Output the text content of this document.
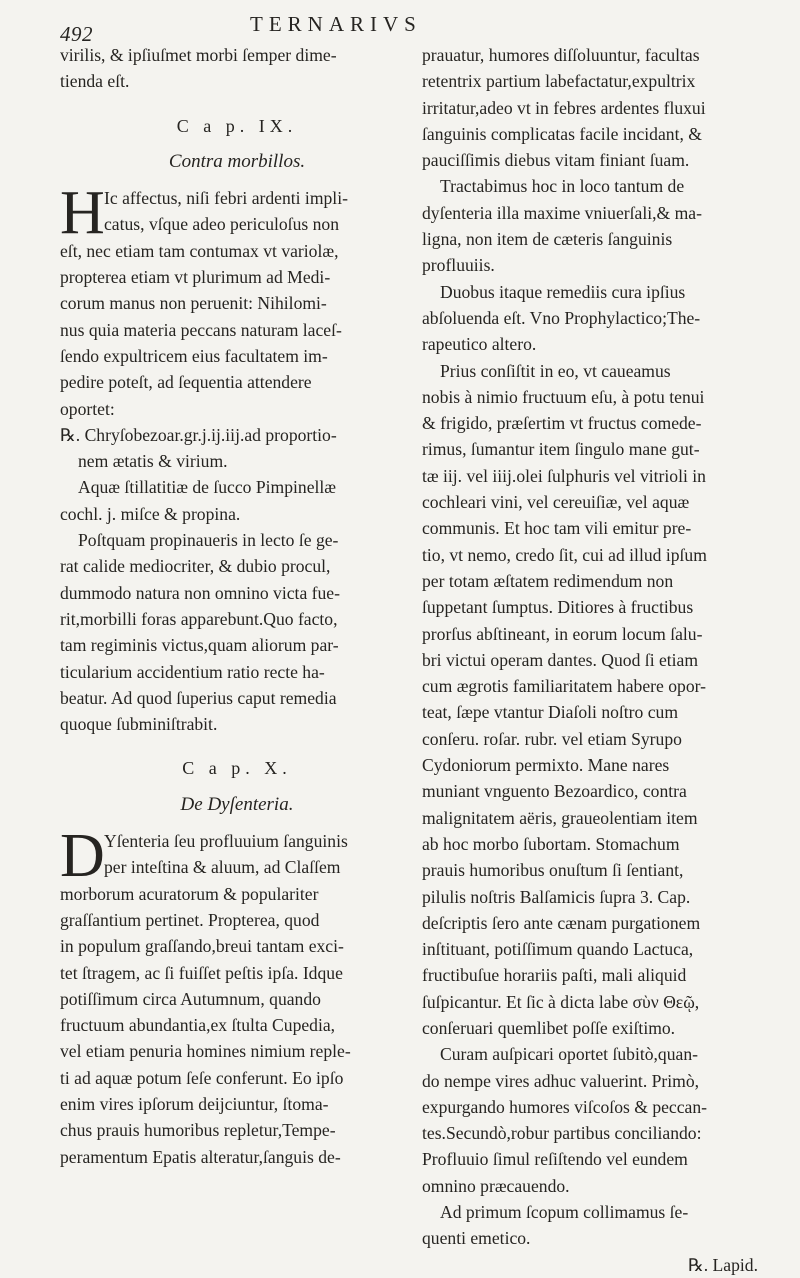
492	TERNARIVS
virilis, & ipſiuſmet morbi ſemper dime-
tienda eſt.
C a p. IX.
Contra morbillos.
H Ic affectus, niſi febri ardenti impli-
catus, vſque adeo periculoſus non
eſt, nec etiam tam contumax vt variolæ,
propterea etiam vt plurimum ad Medi-
corum manus non peruenit: Nihilomi-
nus quia materia peccans naturam laceſ-
ſendo expultricem eius facultatem im-
pedire poteſt, ad ſequentia attendere
oportet:
℞. Chryſobezoar.gr.j.ij.iij.ad proportio-
nem ætatis & virium.
Aquæ ſtillatitiæ de ſucco Pimpinellæ
cochl. j. miſce & propina.
Poſtquam propinaueris in lecto ſe ge-
rat calide mediocriter, & dubio procul,
dummodo natura non omnino victa fue-
rit,morbilli foras apparebunt.Quo facto,
tam regiminis victus,quam aliorum par-
ticularium accidentium ratio recte ha-
beatur. Ad quod ſuperius caput remedia
quoque ſubminiſtrabit.
C a p. X.
De Dyſenteria.
D Yſenteria ſeu profluuium ſanguinis
per inteſtina & aluum, ad Claſſem
morborum acuratorum & populariter
graſſantium pertinet. Propterea, quod
in populum graſſando,breui tantam exci-
tet ſtragem, ac ſi fuiſſet peſtis ipſa. Idque
potiſſimum circa Autumnum, quando
fructuum abundantia,ex ſtulta Cupedia,
vel etiam penuria homines nimium reple-
ti ad aquæ potum ſeſe conferunt. Eo ipſo
enim vires ipſorum deijciuntur, ſtoma-
chus prauis humoribus repletur,Tempe-
peramentum Epatis alteratur,ſanguis de-
prauatur, humores diſſoluuntur, facultas
retentrix partium labefactatur,expultrix
irritatur,adeo vt in febres ardentes fluxui
ſanguinis complicatas facile incidant, &
pauciſſimis diebus vitam finiant ſuam.
Tractabimus hoc in loco tantum de
dyſenteria illa maxime vniuerſali,& ma-
ligna, non item de cæteris ſanguinis
profluuiis.
Duobus itaque remediis cura ipſius
abſoluenda eſt. Vno Prophylactico;The-
rapeutico altero.
Prius conſiſtit in eo, vt caueamus
nobis à nimio fructuum eſu, à potu tenui
& frigido, præſertim vt fructus comede-
rimus, ſumantur item ſingulo mane gut-
tæ iij. vel iiij.olei ſulphuris vel vitrioli in
cochleari vini, vel cereuiſiæ, vel aquæ
communis. Et hoc tam vili emitur pre-
tio, vt nemo, credo ſit, cui ad illud ipſum
per totam æſtatem redimendum non
ſuppetant ſumptus. Ditiores à fructibus
prorſus abſtineant, in eorum locum ſalu-
bri victui operam dantes. Quod ſi etiam
cum ægrotis familiaritatem habere opor-
teat, ſæpe vtantur Diaſoli noſtro cum
conſeru. roſar. rubr. vel etiam Syrupo
Cydoniorum permixto. Mane nares
muniant vnguento Bezoardico, contra
malignitatem aëris, graueolentiam item
ab hoc morbo ſubortam. Stomachum
prauis humoribus onuſtum ſi ſentiant,
pilulis noſtris Balſamicis ſupra 3. Cap.
deſcriptis ſero ante cænam purgationem
inſtituant, potiſſimum quando Lactuca,
fructibuſue horariis paſti, mali aliquid
ſuſpicantur. Et ſic à dicta labe σὺν Θεῷ,
conſeruari quemlibet poſſe exiſtimo.
Curam auſpicari oportet ſubitò,quan-
do nempe vires adhuc valuerint. Primò,
expurgando humores viſcoſos & peccan-
tes.Secundò,robur partibus conciliando:
Profluuio ſimul reſiſtendo vel eundem
omnino præcauendo.
Ad primum ſcopum collimamus ſe-
quenti emetico.
℞. Lapid.
